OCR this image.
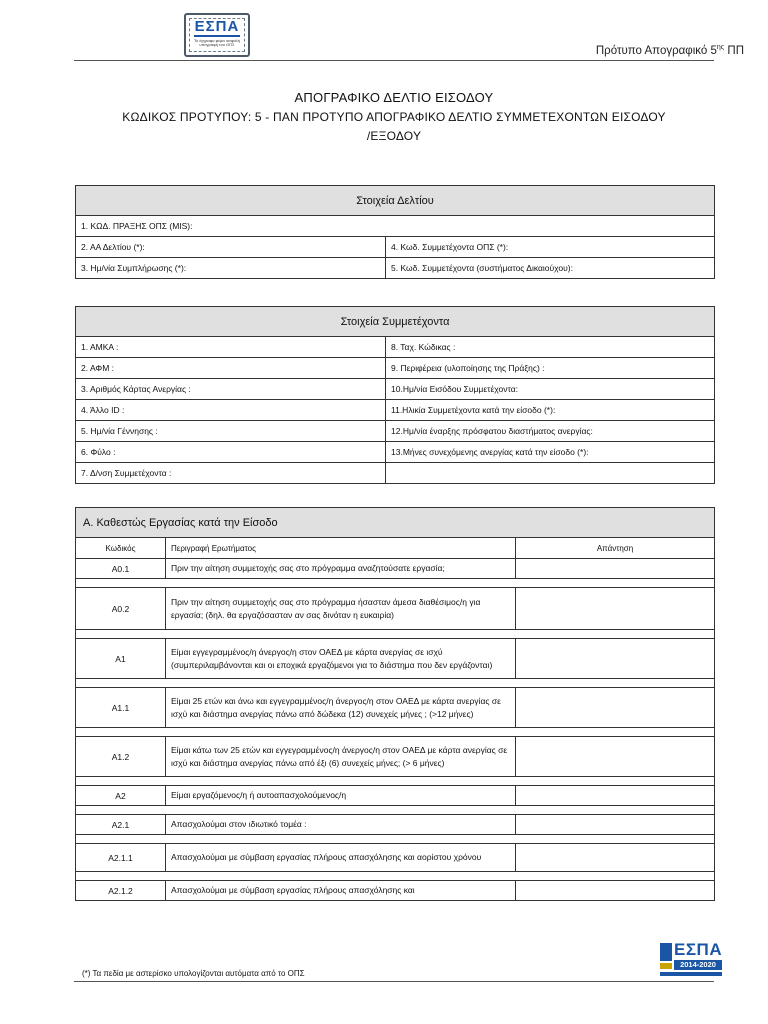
ΕΣΠΑ
Το έγγραφο φέρει ασφαλή υπογραφή του ΟΠΣ
Πρότυπο Απογραφικό $5^{\eta\varsigma}$ ΠΠ
ΑΠΟΓΡΑΦΙΚΟ ΔΕΛΤΙΟ ΕΙΣΟΔΟΥ
ΚΩΔΙΚΟΣ ΠΡΟΤΥΠΟΥ: 5 - ΠΑΝ ΠΡΟΤΥΠΟ ΑΠΟΓΡΑΦΙΚΟ ΔΕΛΤΙΟ ΣΥΜΜΕΤΕΧΟΝΤΩΝ ΕΙΣΟΔΟΥ
/ΕΞΟΔΟΥ
Στοιχεία Δελτίου	
1. ΚΩΔ. ΠΡΑΞΗΣ ΟΠΣ (MIS):	
2. ΑΑ Δελτίου (*):	4. Κωδ. Συμμετέχοντα ΟΠΣ (*):
3. Ημ/νία Συμπλήρωσης (*):	5. Κωδ. Συμμετέχοντα (συστήματος Δικαιούχου):
Στοιχεία Συμμετέχοντα	
1. ΑΜΚΑ :	8. Ταχ. Κώδικας :
2. ΑΦΜ :	9. Περιφέρεια (υλοποίησης της Πράξης) :
3. Αριθμός Κάρτας Ανεργίας :	10.Ημ/νία Εισόδου Συμμετέχοντα:
4. Άλλο ID :	11.Ηλικία Συμμετέχοντα κατά την είσοδο (*):
5. Ημ/νία Γέννησης :	12.Ημ/νία έναρξης πρόσφατου διαστήματος ανεργίας:
6. Φύλο :	13.Μήνες συνεχόμενης ανεργίας κατά την είσοδο (*):
7. Δ/νση Συμμετέχοντα :	
Α. Καθεστώς Εργασίας κατά την Είσοδο		
Κωδικός	Περιγραφή Ερωτήματος	Απάντηση
Α0.1	Πριν την αίτηση συμμετοχής σας στο πρόγραμμα αναζητούσατε εργασία;	

Α0.2	Πριν την αίτηση συμμετοχής σας στο πρόγραμμα ήσασταν άμεσα διαθέσιμος/η για εργασία; (δηλ. θα εργαζόσασταν αν σας δινόταν η ευκαιρία)	

Α1	Είμαι εγγεγραμμένος/η άνεργος/η στον ΟΑΕΔ με κάρτα ανεργίας σε ισχύ (συμπεριλαμβάνονται και οι εποχικά εργαζόμενοι για το διάστημα που δεν εργάζονται)	

Α1.1	Είμαι 25 ετών και άνω και εγγεγραμμένος/η άνεργος/η στον ΟΑΕΔ με κάρτα ανεργίας σε ισχύ και διάστημα ανεργίας πάνω από δώδεκα (12) συνεχείς μήνες ; (>12 μήνες)	

Α1.2	Είμαι κάτω των 25 ετών και εγγεγραμμένος/η άνεργος/η στον ΟΑΕΔ με κάρτα ανεργίας σε ισχύ και διάστημα ανεργίας πάνω από έξι (6) συνεχείς μήνες; (> 6 μήνες)	

Α2	Είμαι εργαζόμενος/η ή αυτοαπασχολούμενος/η	

Α2.1	Απασχολούμαι στον ιδιωτικό τομέα :	

Α2.1.1	Απασχολούμαι με σύμβαση εργασίας πλήρους απασχόλησης και αορίστου χρόνου	

Α2.1.2	Απασχολούμαι με σύμβαση εργασίας πλήρους απασχόλησης και	
(*) Τα πεδία με αστερίσκο υπολογίζονται αυτόματα από το ΟΠΣ
ΕΣΠΑ
2014-2020
